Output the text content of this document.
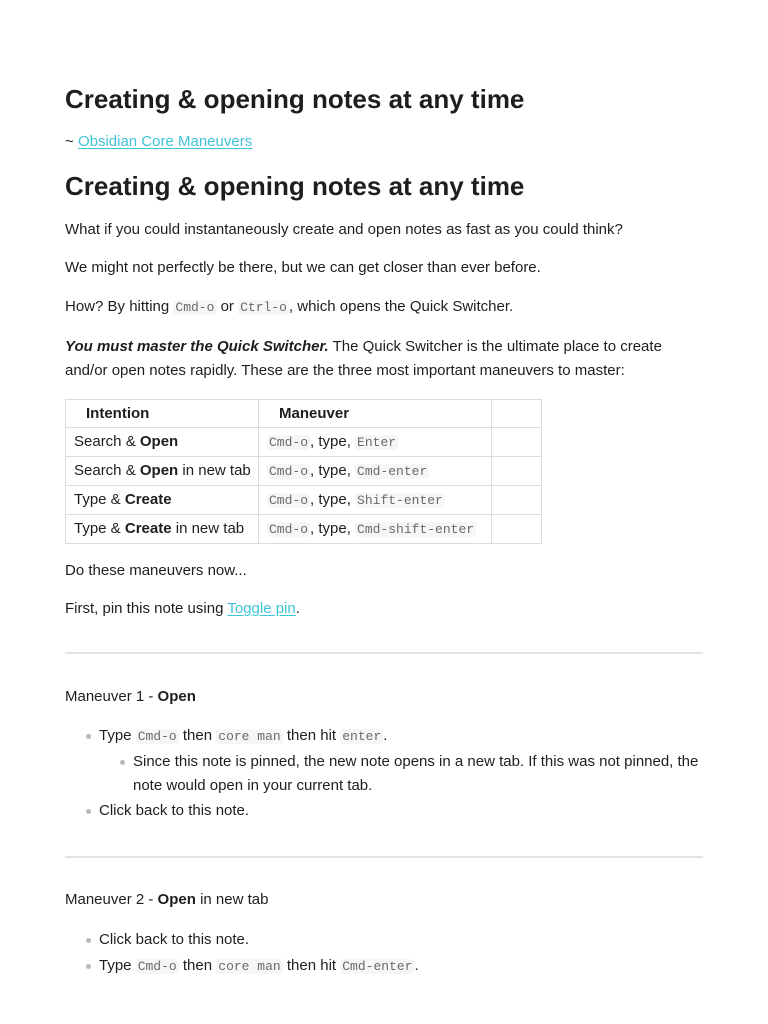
Creating & opening notes at any time

~ Obsidian Core Maneuvers

Creating & opening notes at any time

What if you could instantaneously create and open notes as fast as you could think?

We might not perfectly be there, but we can get closer than ever before.

How? By hitting Cmd-o or Ctrl-o , which opens the Quick Switcher.

You must master the Quick Switcher. The Quick Switcher is the ultimate place to create and/or open notes rapidly. These are the three most important maneuvers to master:

Intention	Maneuver	
Search & Open	Cmd-o , type, Enter	
Search & Open in new tab	Cmd-o , type, Cmd-enter	
Type & Create	Cmd-o , type, Shift-enter	
Type & Create in new tab	Cmd-o , type, Cmd-shift-enter	

Do these maneuvers now...

First, pin this note using Toggle pin.

Maneuver 1 - Open

Type Cmd-o then core man then hit enter .
Since this note is pinned, the new note opens in a new tab. If this was not pinned, the note would open in your current tab.
Click back to this note.

Maneuver 2 - Open in new tab

Click back to this note.
Type Cmd-o then core man then hit Cmd-enter .
